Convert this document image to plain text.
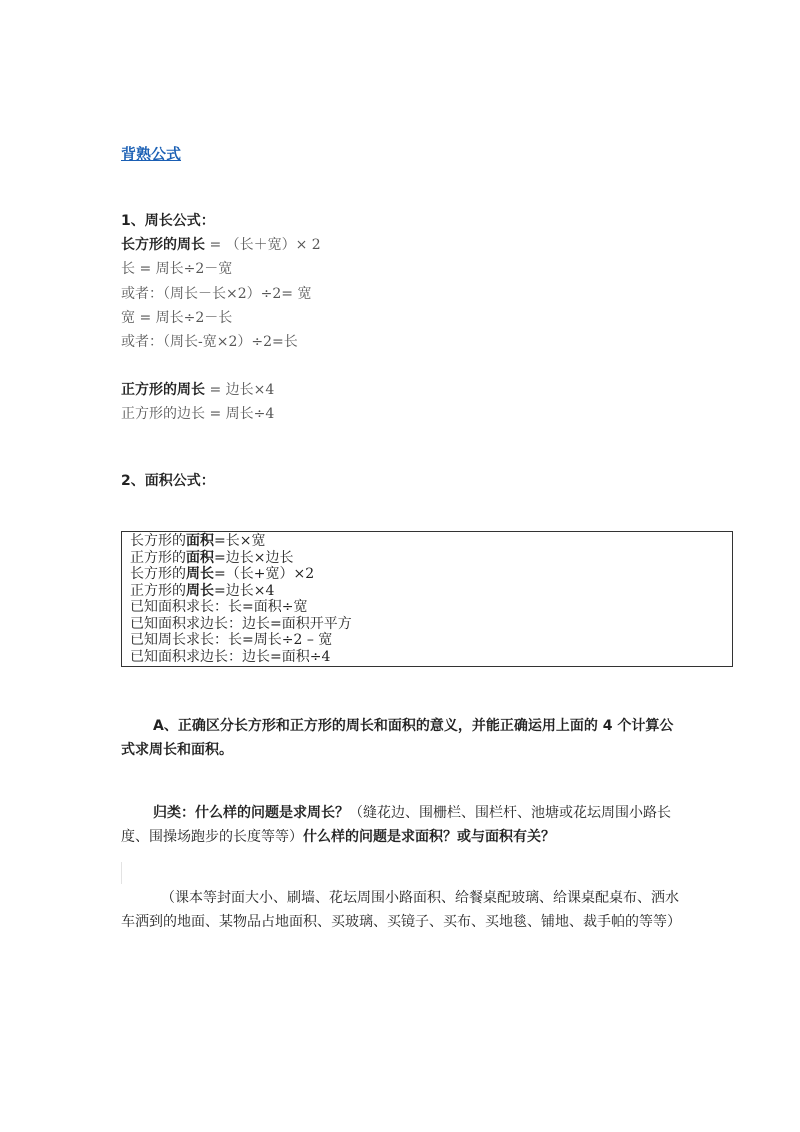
背熟公式
1、周长公式：
长方形的周长 = （长＋宽）× 2
长 = 周长÷2－宽
或者：（周长－长×2）÷2= 宽
宽 = 周长÷2－长
或者：（周长-宽×2）÷2=长
正方形的周长 = 边长×4
正方形的边长 = 周长÷4
2、面积公式：
长方形的面积=长×宽
正方形的面积=边长×边长
长方形的周长=（长+宽）×2
正方形的周长=边长×4
已知面积求长：长=面积÷宽
已知面积求边长：边长=面积开平方
已知周长求长：长=周长÷2 – 宽
已知面积求边长：边长=面积÷4
A、正确区分长方形和正方形的周长和面积的意义，并能正确运用上面的 4 个计算公式求周长和面积。
归类：什么样的问题是求周长？（缝花边、围栅栏、围栏杆、池塘或花坛周围小路长度、围操场跑步的长度等等）什么样的问题是求面积？或与面积有关？
（课本等封面大小、刷墙、花坛周围小路面积、给餐桌配玻璃、给课桌配桌布、洒水车洒到的地面、某物品占地面积、买玻璃、买镜子、买布、买地毯、铺地、裁手帕的等等）
